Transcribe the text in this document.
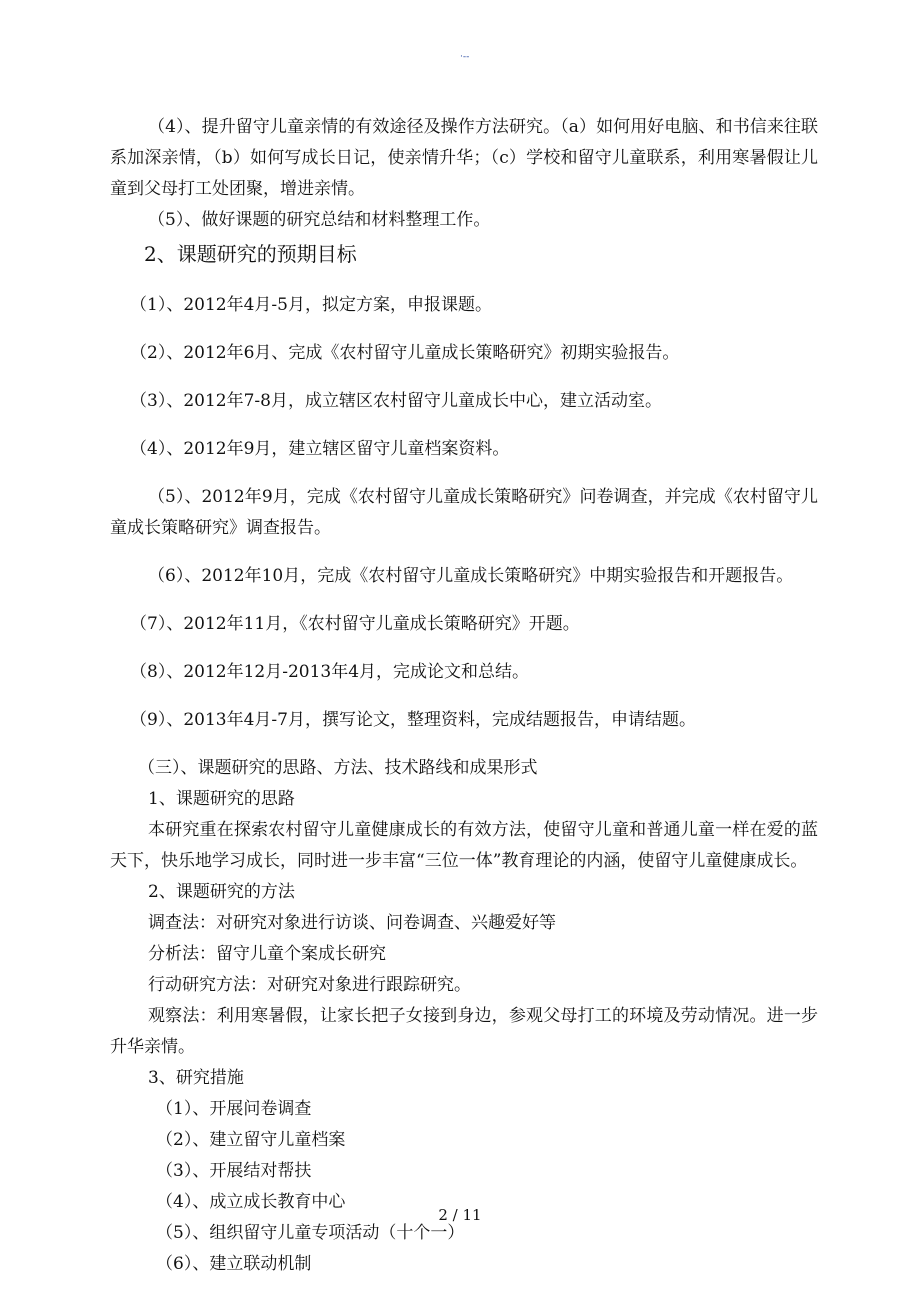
·--

（4）、提升留守儿童亲情的有效途径及操作方法研究。（a）如何用好电脑、和书信来往联系加深亲情，（b）如何写成长日记，使亲情升华；（c）学校和留守儿童联系，利用寒暑假让儿童到父母打工处团聚，增进亲情。

（5）、做好课题的研究总结和材料整理工作。

2、课题研究的预期目标

（1）、2012年4月-5月，拟定方案，申报课题。

（2）、2012年6月、完成《农村留守儿童成长策略研究》初期实验报告。

（3）、2012年7-8月，成立辖区农村留守儿童成长中心，建立活动室。

（4）、2012年9月，建立辖区留守儿童档案资料。

（5）、2012年9月，完成《农村留守儿童成长策略研究》问卷调查，并完成《农村留守儿童成长策略研究》调查报告。

（6）、2012年10月，完成《农村留守儿童成长策略研究》中期实验报告和开题报告。

（7）、2012年11月，《农村留守儿童成长策略研究》开题。

（8）、2012年12月-2013年4月，完成论文和总结。

（9）、2013年4月-7月，撰写论文，整理资料，完成结题报告，申请结题。

（三）、课题研究的思路、方法、技术路线和成果形式

1、课题研究的思路

本研究重在探索农村留守儿童健康成长的有效方法，使留守儿童和普通儿童一样在爱的蓝天下，快乐地学习成长，同时进一步丰富“三位一体”教育理论的内涵，使留守儿童健康成长。

2、课题研究的方法

调查法：对研究对象进行访谈、问卷调查、兴趣爱好等

分析法：留守儿童个案成长研究

行动研究方法：对研究对象进行跟踪研究。

观察法：利用寒暑假，让家长把子女接到身边，参观父母打工的环境及劳动情况。进一步升华亲情。

3、研究措施

（1）、开展问卷调查

（2）、建立留守儿童档案

（3）、开展结对帮扶

（4）、成立成长教育中心

（5）、组织留守儿童专项活动（十个一）

（6）、建立联动机制

2 / 11
